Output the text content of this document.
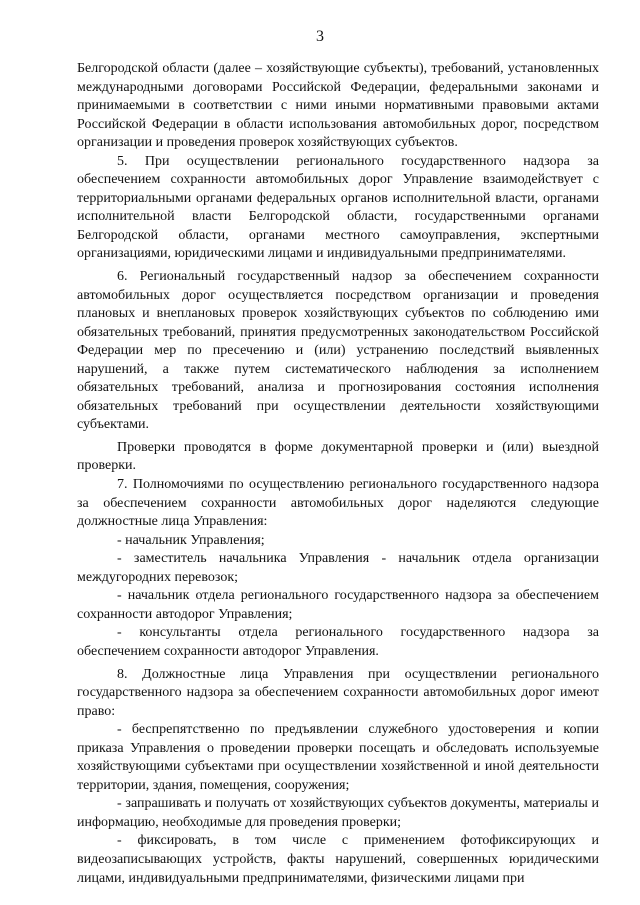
3

Белгородской области (далее – хозяйствующие субъекты), требований, установленных международными договорами Российской Федерации, федеральными законами и принимаемыми в соответствии с ними иными нормативными правовыми актами Российской Федерации в области использования автомобильных дорог, посредством организации и проведения проверок хозяйствующих субъектов.

5. При осуществлении регионального государственного надзора за обеспечением сохранности автомобильных дорог Управление взаимодействует с территориальными органами федеральных органов исполнительной власти, органами исполнительной власти Белгородской области, государственными органами Белгородской области, органами местного самоуправления, экспертными организациями, юридическими лицами и индивидуальными предпринимателями.

6. Региональный государственный надзор за обеспечением сохранности автомобильных дорог осуществляется посредством организации и проведения плановых и внеплановых проверок хозяйствующих субъектов по соблюдению ими обязательных требований, принятия предусмотренных законодательством Российской Федерации мер по пресечению и (или) устранению последствий выявленных нарушений, а также путем систематического наблюдения за исполнением обязательных требований, анализа и прогнозирования состояния исполнения обязательных требований при осуществлении деятельности хозяйствующими субъектами.

Проверки проводятся в форме документарной проверки и (или) выездной проверки.

7. Полномочиями по осуществлению регионального государственного надзора за обеспечением сохранности автомобильных дорог наделяются следующие должностные лица Управления:

- начальник Управления;

- заместитель начальника Управления - начальник отдела организации междугородних перевозок;

- начальник отдела регионального государственного надзора за обеспечением сохранности автодорог Управления;

- консультанты отдела регионального государственного надзора за обеспечением сохранности автодорог Управления.

8. Должностные лица Управления при осуществлении регионального государственного надзора за обеспечением сохранности автомобильных дорог имеют право:

- беспрепятственно по предъявлении служебного удостоверения и копии приказа Управления о проведении проверки посещать и обследовать используемые хозяйствующими субъектами при осуществлении хозяйственной и иной деятельности территории, здания, помещения, сооружения;

- запрашивать и получать от хозяйствующих субъектов документы, материалы и информацию, необходимые для проведения проверки;

- фиксировать, в том числе с применением фотофиксирующих и видеозаписывающих устройств, факты нарушений, совершенных юридическими лицами, индивидуальными предпринимателями, физическими лицами при
